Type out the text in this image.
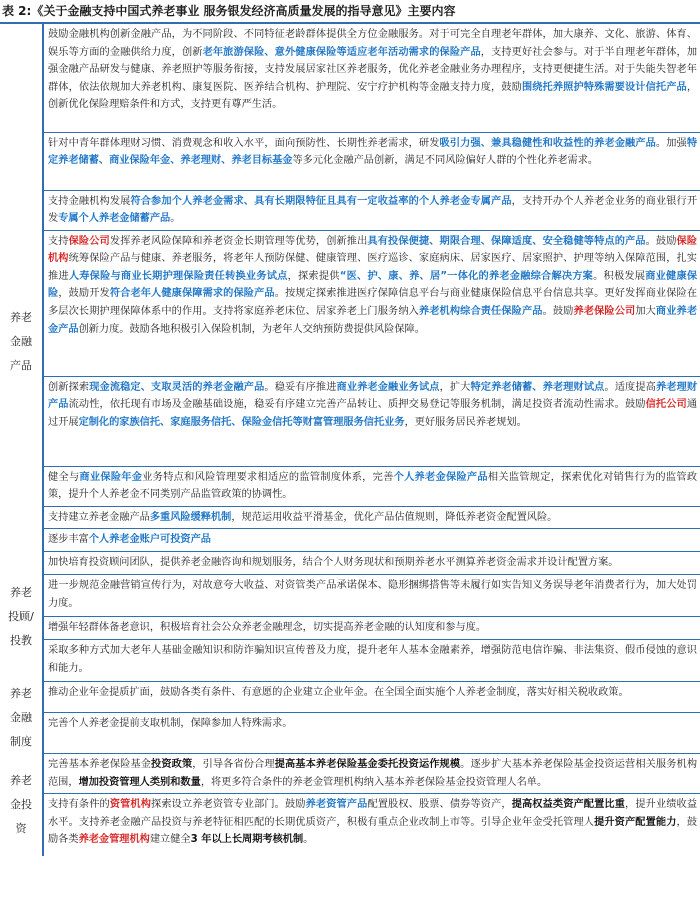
表 2:《关于金融支持中国式养老事业 服务银发经济高质量发展的指导意见》主要内容
	鼓励金融机构创新金融产品，为不同阶段、不同特征老龄群体提供全方位金融服务。对于可完全自理老年群体，加大康养、文化、旅游、体育、娱乐等方面的金融供给力度，创新老年旅游保险、意外健康保险等适应老年活动需求的保险产品，支持更好社会参与。对于半自理老年群体，加强金融产品研发与健康、养老照护等服务衔接，支持发展居家社区养老服务，优化养老金融业务办理程序，支持更便捷生活。对于失能失智老年群体，依法依规加大养老机构、康复医院、医养结合机构、护理院、安宁疗护机构等金融支持力度，鼓励围绕托养照护特殊需要设计信托产品，创新优化保险理赔条件和方式，支持更有尊严生活。

养老金融产品	针对中青年群体理财习惯、消费观念和收入水平，面向预防性、长期性养老需求，研发吸引力强、兼具稳健性和收益性的养老金融产品。加强特定养老储蓄、商业保险年金、养老理财、养老目标基金等多元化金融产品创新，满足不同风险偏好人群的个性化养老需求。
	支持金融机构发展符合参加个人养老金需求、具有长期限特征且具有一定收益率的个人养老金专属产品，支持开办个人养老金业务的商业银行开发专属个人养老金储蓄产品。
	支持保险公司发挥养老风险保障和养老资金长期管理等优势，创新推出具有投保便捷、期限合理、保障适度、安全稳健等特点的产品。鼓励保险机构统筹保险产品与健康、养老服务，将老年人预防保健、健康管理、医疗巡诊、家庭病床、居家医疗、居家照护、护理等纳入保障范围，扎实推进人寿保险与商业长期护理保险责任转换业务试点，探索提供“医、护、康、养、居”一体化的养老金融综合解决方案。积极发展商业健康保险，鼓励开发符合老年人健康保障需求的保险产品。按规定探索推进医疗保障信息平台与商业健康保险信息平台信息共享。更好发挥商业保险在多层次长期护理保障体系中的作用。支持将家庭养老床位、居家养老上门服务纳入养老机构综合责任保险产品。鼓励养老保险公司加大商业养老金产品创新力度。鼓励各地积极引入保险机制，为老年人交纳预防费提供风险保障。
	创新探索现金流稳定、支取灵活的养老金融产品。稳妥有序推进商业养老金融业务试点，扩大特定养老储蓄、养老理财试点。适度提高养老理财产品流动性，依托现有市场及金融基础设施，稳妥有序建立完善产品转让、质押交易登记等服务机制，满足投资者流动性需求。鼓励信托公司通过开展定制化的家族信托、家庭服务信托、保险金信托等财富管理服务信托业务，更好服务居民养老规划。
	健全与商业保险年金业务特点和风险管理要求相适应的监管制度体系，完善个人养老金保险产品相关监管规定，探索优化对销售行为的监管政策，提升个人养老金不同类别产品监管政策的协调性。
	支持建立养老金融产品多重风险缓释机制，规范运用收益平滑基金，优化产品估值规则，降低养老资金配置风险。
	逐步丰富个人养老金账户可投资产品

养老投顾/投教	加快培育投资顾问团队，提供养老金融咨询和规划服务，结合个人财务现状和预期养老水平测算养老资金需求并设计配置方案。
	进一步规范金融营销宣传行为，对故意夸大收益、对资管类产品承诺保本、隐形捆绑搭售等未履行如实告知义务误导老年消费者行为，加大处罚力度。
	增强年轻群体备老意识，积极培育社会公众养老金融理念，切实提高养老金融的认知度和参与度。
	采取多种方式加大老年人基础金融知识和防诈骗知识宣传普及力度，提升老年人基本金融素养，增强防范电信诈骗、非法集资、假币侵蚀的意识和能力。

养老金融制度	推动企业年金提质扩面，鼓励各类有条件、有意愿的企业建立企业年金。在全国全面实施个人养老金制度，落实好相关税收政策。
	完善个人养老金提前支取机制，保障参加人特殊需求。

养老金投资	完善基本养老保险基金投资政策，引导各省份合理提高基本养老保险基金委托投资运作规模。逐步扩大基本养老保险基金投资运营相关服务机构范围，增加投资管理人类别和数量，将更多符合条件的养老金管理机构纳入基本养老保险基金投资管理人名单。
	支持有条件的资管机构探索设立养老资管专业部门。鼓励养老资管产品配置股权、股票、债券等资产，提高权益类资产配置比重，提升业绩收益水平。支持养老金融产品投资与养老特征相匹配的长期优质资产，积极有重点企业改制上市等。引导企业年金受托管理人提升资产配置能力，鼓励各类养老金管理机构建立健全3 年以上长周期考核机制。
